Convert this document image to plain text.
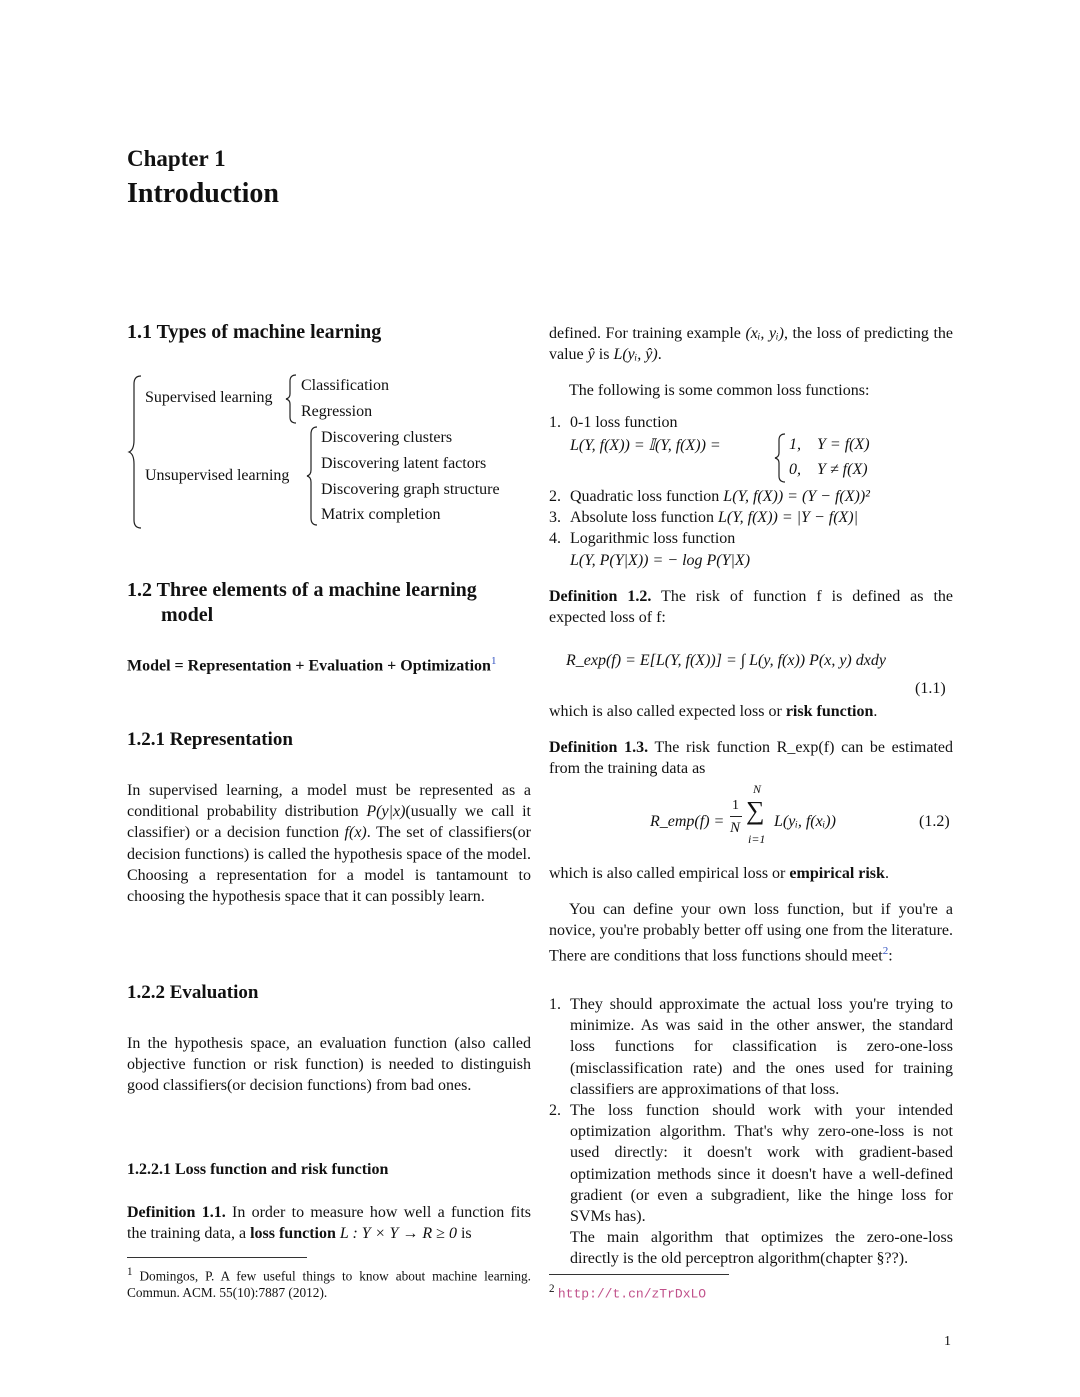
Chapter 1
Introduction
1.1 Types of machine learning
Supervised learning
Classification
Regression
Unsupervised learning
Discovering clusters
Discovering latent factors
Discovering graph structure
Matrix completion
1.2 Three elements of a machine learning
model
Model = Representation + Evaluation + Optimization$^1$
1.2.1 Representation

In supervised learning, a model must be represented as a conditional probability distribution P(y|x)(usually we call it classifier) or a decision function f(x). The set of classifiers(or decision functions) is called the hypothesis space of the model. Choosing a representation for a model is tantamount to choosing the hypothesis space that it can possibly learn.

1.2.2 Evaluation

In the hypothesis space, an evaluation function (also called objective function or risk function) is needed to distinguish good classifiers(or decision functions) from bad ones.

1.2.2.1 Loss function and risk function

Definition 1.1. In order to measure how well a function fits the training data, a loss function L : Y × Y → R ≥ 0 is

$^1$ Domingos, P. A few useful things to know about machine learning. Commun. ACM. 55(10):7887 (2012).

defined. For training example (xᵢ, yᵢ), the loss of predicting the value ŷ is L(yᵢ, ŷ).

The following is some common loss functions:

1. 0-1 loss function
L(Y, f(X)) = 𝕀(Y, f(X)) =	1,    Y = f(X)
0,    Y ≠ f(X)
2. Quadratic loss function L(Y, f(X)) = (Y − f(X))²
3. Absolute loss function L(Y, f(X)) = |Y − f(X)|
4. Logarithmic loss function
L(Y, P(Y|X)) = − log P(Y|X)

Definition 1.2. The risk of function f is defined as the expected loss of f:

R_exp(f) = E[L(Y, f(X))] = ∫ L(y, f(x)) P(x, y) dxdy
(1.1)

which is also called expected loss or risk function.

Definition 1.3. The risk function R_exp(f) can be estimated from the training data as

R_emp(f) =
1
N
N
∑
i=1
L(yᵢ, f(xᵢ))	(1.2)

which is also called empirical loss or empirical risk.

You can define your own loss function, but if you're a novice, you're probably better off using one from the literature. There are conditions that loss functions should meet$^2$:

1. They should approximate the actual loss you're trying to minimize. As was said in the other answer, the standard loss functions for classification is zero-one-loss (misclassification rate) and the ones used for training classifiers are approximations of that loss.
2. The loss function should work with your intended optimization algorithm. That's why zero-one-loss is not used directly: it doesn't work with gradient-based optimization methods since it doesn't have a well-defined gradient (or even a subgradient, like the hinge loss for SVMs has).
The main algorithm that optimizes the zero-one-loss directly is the old perceptron algorithm(chapter §??).
$^2$ http://t.cn/zTrDxLO
1
